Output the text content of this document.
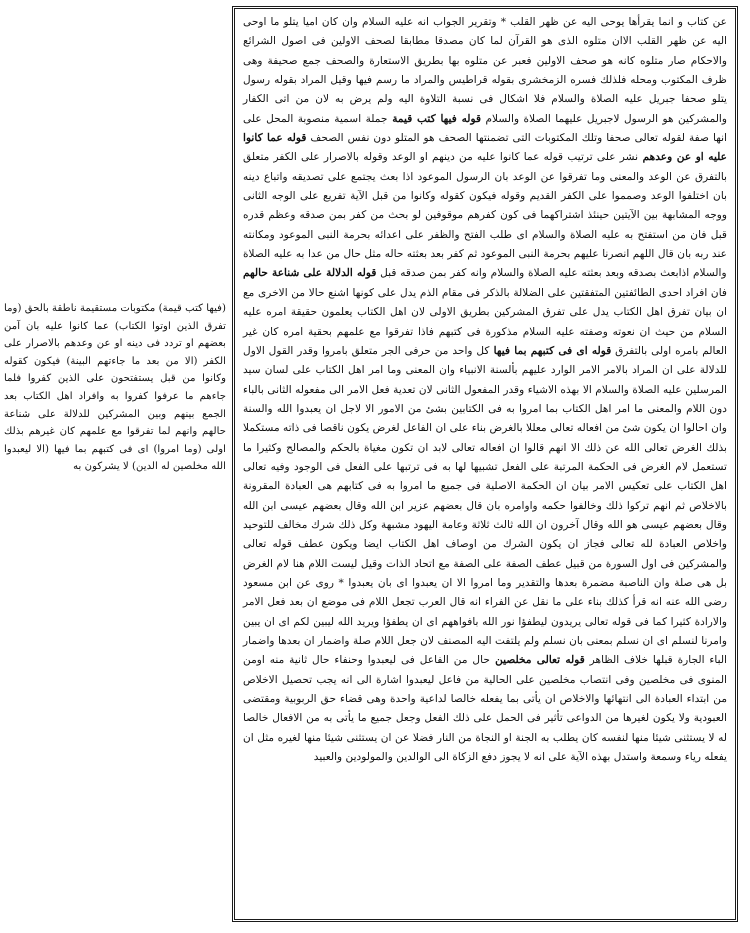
عن كتاب و انما يقرأها يوحى اليه عن ظهر القلب * وتقرير الجواب انه عليه السلام وان كان اميا يتلو ما اوحى اليه عن ظهر القلب الاان متلوه الذى هو القرآن لما كان مصدقا مطابقا لصحف الاولين فى اصول الشرائع والاحكام صار متلوه كانه هو صحف الاولين فعبر عن متلوه بها بطريق الاستعارة والصحف جمع صحيفة وهى ظرف المكتوب ومحله فلذلك فسره الزمخشرى بقوله قراطيس والمراد ما رسم فيها وقيل المراد بقوله رسول يتلو صحفا جبريل عليه الصلاة والسلام فلا اشكال فى نسبة التلاوة اليه ولم يرض به لان من اتى الكفار والمشركين هو الرسول لاجبريل عليهما الصلاة والسلام قوله فيها كتب قيمة جملة اسمية منصوبة المحل على انها صفة لقوله تعالى صحفا وتلك المكتوبات التى تضمنتها الصحف هو المتلو دون نفس الصحف قوله عما كانوا عليه او عن وعدهم نشر على ترتيب قوله عما كانوا عليه من دينهم او الوعد وقوله بالاصرار على الكفر متعلق بالتفرق عن الوعد والمعنى وما تفرقوا عن الوعد بان الرسول الموعود اذا بعث يجتمع على تصديقه واتباع دينه بان اختلفوا الوعد وصمموا على الكفر القديم وقوله فيكون كقوله وكانوا من قبل الآية تفريع على الوجه الثانى ووجه المشابهة بين الآيتين حينئذ اشتراكهما فى كون كفرهم موقوفين لو بحث من كفر بمن صدقه وعظم قدره قبل فان من استفتح به عليه الصلاة والسلام اى طلب الفتح والظفر على اعدائه بحرمة النبى الموعود ومكانته عند ربه بان قال اللهم انصرنا عليهم بحرمة النبى الموعود ثم كفر بعد بعثته حاله مثل حال من عدا به عليه الصلاة والسلام اذابعث بصدقه وبعد بعثته عليه الصلاة والسلام وانه كفر بمن صدقه قبل قوله الدلالة على شناعة حالهم فان افراد احدى الطائفتين المتفقتين على الضلالة بالذكر فى مقام الذم يدل على كونها اشنع حالا من الاخرى مع ان بيان تفرق اهل الكتاب يدل على تفرق المشركين بطريق الاولى لان اهل الكتاب يعلمون حقيقة امره عليه السلام من حيث ان نعوته وصفته عليه السلام مذكورة فى كتبهم فاذا تفرقوا مع علمهم بحقية امره كان غير العالم بامره اولى بالتفرق قوله اى فى كتبهم بما فيها كل واحد من حرفى الجر متعلق بامروا وقدر القول الاول للدلالة على ان المراد بالامر الامر الوارد عليهم بألسنة الانبياء وان المعنى وما امر اهل الكتاب على لسان سيد المرسلين عليه الصلاة والسلام الا بهذه الاشياء وقدر المفعول الثانى لان تعدية فعل الامر الى مفعوله الثانى بالباء دون اللام والمعنى ما امر اهل الكتاب بما امروا به فى الكتابين بشئ من الامور الا لاجل ان يعبدوا الله والسنة وان احالوا ان يكون شئ من افعاله تعالى معللا بالغرض بناء على ان الفاعل لغرض يكون ناقصا فى ذاته مستكملا بذلك الغرض تعالى الله عن ذلك الا انهم قالوا ان افعاله تعالى لابد ان تكون مغياة بالحكم والمصالح وكثيرا ما تستعمل لام الغرض فى الحكمة المرتبة على الفعل تشبيها لها به فى ترتبها على الفعل فى الوجود وفيه تعالى اهل الكتاب على تعكيس الامر بيان ان الحكمة الاصلية فى جميع ما امروا به فى كتابهم هى العبادة المقرونة بالاخلاص ثم انهم تركوا ذلك وخالفوا حكمه واوامره بان قال بعضهم عزير ابن الله وقال بعضهم عيسى ابن الله وقال بعضهم عيسى هو الله وقال آخرون ان الله ثالث ثلاثة وعامة اليهود مشبهة وكل ذلك شرك مخالف للتوحيد واخلاص العبادة لله تعالى فجاز ان يكون الشرك من اوصاف اهل الكتاب ايضا ويكون عطف قوله تعالى والمشركين فى اول السورة من قبيل عطف الصفة على الصفة مع اتحاد الذات وقيل ليست اللام هنا لام الغرض بل هى صلة وان الناصبة مضمرة بعدها والتقدير وما امروا الا ان يعبدوا اى بان يعبدوا * روى عن ابن مسعود رضى الله عنه انه قرأ كذلك بناء على ما نقل عن الفراء انه قال العرب تجعل اللام فى موضع ان بعد فعل الامر والارادة كثيرا كما فى قوله تعالى يريدون ليطفؤا نور الله بافواههم اى ان يطفؤا ويريد الله ليبين لكم اى ان يبين وامرنا لنسلم اى ان نسلم بمعنى بان نسلم ولم يلتفت اليه المصنف لان جعل اللام صلة واضمار ان بعدها واضمار الباء الجارة قبلها خلاف الظاهر قوله تعالى مخلصين حال من الفاعل فى ليعبدوا وحنفاء حال ثانية منه اومن المنوى فى مخلصين وفى انتصاب مخلصين على الحالية من فاعل ليعبدوا اشارة الى انه يجب تحصيل الاخلاص من ابتداء العبادة الى انتهائها والاخلاص ان يأتى بما يفعله خالصا لداعية واحدة وهى قضاء حق الربوبية ومقتضى العبودية ولا يكون لغيرها من الدواعى تأثير فى الحمل على ذلك الفعل وجعل جميع ما يأتى به من الافعال خالصا له لا يستثنى شيئا منها لنفسه كان يطلب به الجنة او النجاة من النار فضلا عن ان يستثنى شيئا منها لغيره مثل ان يفعله رياء وسمعة واستدل بهذه الآية على انه لا يجوز دفع الزكاة الى الوالدين والمولودين والعبيد

(فيها كتب قيمة) مكتوبات مستقيمة ناطقة بالحق (وما تفرق الذين اوتوا الكتاب) عما كانوا عليه بان آمن بعضهم او تردد فى دينه او عن وعدهم بالاصرار على الكفر (الا من بعد ما جاءتهم البينة) فيكون كقوله وكانوا من قبل يستفتحون على الذين كفروا فلما جاءهم ما عرفوا كفروا به وافراد اهل الكتاب بعد الجمع بينهم وبين المشركين للدلالة على شناعة حالهم وانهم لما تفرقوا مع علمهم كان غيرهم بذلك اولى (وما امروا) اى فى كتبهم بما فيها (الا ليعبدوا الله مخلصين له الدين) لا يشركون به
